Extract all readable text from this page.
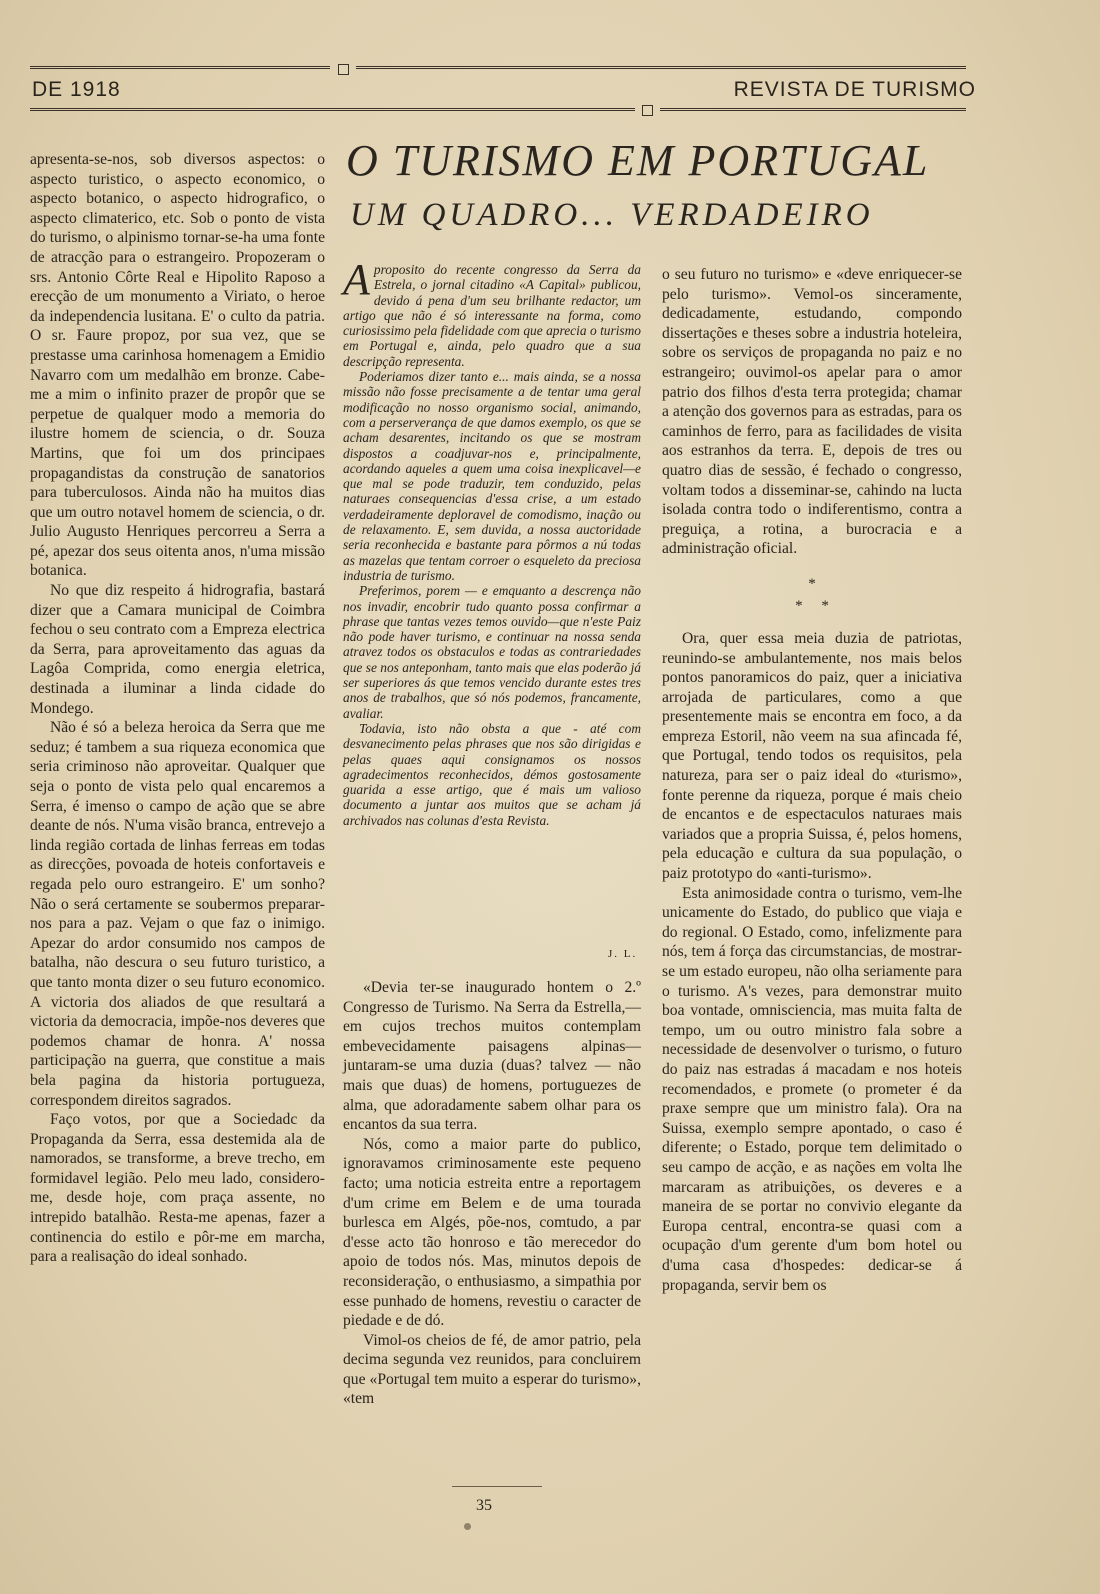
DE 1918	REVISTA DE TURISMO

apresenta-se-nos, sob diversos aspectos: o aspecto turistico, o aspecto economico, o aspecto botanico, o aspecto hidrografico, o aspecto climaterico, etc. Sob o ponto de vista do turismo, o alpinismo tornar-se-ha uma fonte de atracção para o estrangeiro. Propozeram o srs. Antonio Côrte Real e Hipolito Raposo a erecção de um monumento a Viriato, o heroe da independencia lusitana. E' o culto da patria. O sr. Faure propoz, por sua vez, que se prestasse uma carinhosa homenagem a Emidio Navarro com um medalhão em bronze. Cabe-me a mim o infinito prazer de propôr que se perpetue de qualquer modo a memoria do ilustre homem de sciencia, o dr. Souza Martins, que foi um dos principaes propagandistas da construção de sanatorios para tuberculosos. Ainda não ha muitos dias que um outro notavel homem de sciencia, o dr. Julio Augusto Henriques percorreu a Serra a pé, apezar dos seus oitenta anos, n'uma missão botanica.

No que diz respeito á hidrografia, bastará dizer que a Camara municipal de Coimbra fechou o seu contrato com a Empreza electrica da Serra, para aproveitamento das aguas da Lagôa Comprida, como energia eletrica, destinada a iluminar a linda cidade do Mondego.

Não é só a beleza heroica da Serra que me seduz; é tambem a sua riqueza economica que seria criminoso não aproveitar. Qualquer que seja o ponto de vista pelo qual encaremos a Serra, é imenso o campo de ação que se abre deante de nós. N'uma visão branca, entrevejo a linda região cortada de linhas ferreas em todas as direcções, povoada de hoteis confortaveis e regada pelo ouro estrangeiro. E' um sonho? Não o será certamente se soubermos preparar-nos para a paz. Vejam o que faz o inimigo. Apezar do ardor consumido nos campos de batalha, não descura o seu futuro turistico, a que tanto monta dizer o seu futuro economico. A victoria dos aliados de que resultará a victoria da democracia, impõe-nos deveres que podemos chamar de honra. A' nossa participação na guerra, que constitue a mais bela pagina da historia portugueza, correspondem direitos sagrados.

Faço votos, por que a Sociedadc da Propaganda da Serra, essa destemida ala de namorados, se transforme, a breve trecho, em formidavel legião. Pelo meu lado, considero-me, desde hoje, com praça assente, no intrepido batalhão. Resta-me apenas, fazer a continencia do estilo e pôr-me em marcha, para a realisação do ideal sonhado.

O TURISMO EM PORTUGAL
UM QUADRO... VERDADEIRO

Aproposito do recente congresso da Serra da Estrela, o jornal citadino «A Capital» publicou, devido á pena d'um seu brilhante redactor, um artigo que não é só interessante na forma, como curiosissimo pela fidelidade com que aprecia o turismo em Portugal e, ainda, pelo quadro que a sua descripção representa.

Poderiamos dizer tanto e... mais ainda, se a nossa missão não fosse precisamente a de tentar uma geral modificação no nosso organismo social, animando, com a perserverança de que damos exemplo, os que se acham desarentes, incitando os que se mostram dispostos a coadjuvar-nos e, principalmente, acordando aqueles a quem uma coisa inexplicavel—e que mal se pode traduzir, tem conduzido, pelas naturaes consequencias d'essa crise, a um estado verdadeiramente deploravel de comodismo, inação ou de relaxamento. E, sem duvida, a nossa auctoridade seria reconhecida e bastante para pôrmos a nú todas as mazelas que tentam corroer o esqueleto da preciosa industria de turismo.

Preferimos, porem — e emquanto a descrença não nos invadir, encobrir tudo quanto possa confirmar a phrase que tantas vezes temos ouvido—que n'este Paiz não pode haver turismo, e continuar na nossa senda atravez todos os obstaculos e todas as contrariedades que se nos anteponham, tanto mais que elas poderão já ser superiores ás que temos vencido durante estes tres anos de trabalhos, que só nós podemos, francamente, avaliar.

Todavia, isto não obsta a que - até com desvanecimento pelas phrases que nos são dirigidas e pelas quaes aqui consignamos os nossos agradecimentos reconhecidos, démos gostosamente guarida a esse artigo, que é mais um valioso documento a juntar aos muitos que se acham já archivados nas colunas d'esta Revista.

J. L.

«Devia ter-se inaugurado hontem o 2.º Congresso de Turismo. Na Serra da Estrella,—em cujos trechos muitos contemplam embevecidamente paisagens alpinas—juntaram-se uma duzia (duas? talvez — não mais que duas) de homens, portuguezes de alma, que adoradamente sabem olhar para os encantos da sua terra.

Nós, como a maior parte do publico, ignoravamos criminosamente este pequeno facto; uma noticia estreita entre a reportagem d'um crime em Belem e de uma tourada burlesca em Algés, põe-nos, comtudo, a par d'esse acto tão honroso e tão merecedor do apoio de todos nós. Mas, minutos depois de reconsideração, o enthusiasmo, a simpathia por esse punhado de homens, revestiu o caracter de piedade e de dó.

Vimol-os cheios de fé, de amor patrio, pela decima segunda vez reunidos, para concluirem que «Portugal tem muito a esperar do turismo», «tem

o seu futuro no turismo» e «deve enriquecer-se pelo turismo». Vemol-os sinceramente, dedicadamente, estudando, compondo dissertações e theses sobre a industria hoteleira, sobre os serviços de propaganda no paiz e no estrangeiro; ouvimol-os apelar para o amor patrio dos filhos d'esta terra protegida; chamar a atenção dos governos para as estradas, para os caminhos de ferro, para as facilidades de visita aos estranhos da terra. E, depois de tres ou quatro dias de sessão, é fechado o congresso, voltam todos a disseminar-se, cahindo na lucta isolada contra todo o indiferentismo, contra a preguiça, a rotina, a burocracia e a administração oficial.

*
*     *

Ora, quer essa meia duzia de patriotas, reunindo-se ambulantemente, nos mais belos pontos panoramicos do paiz, quer a iniciativa arrojada de particulares, como a que presentemente mais se encontra em foco, a da empreza Estoril, não veem na sua afincada fé, que Portugal, tendo todos os requisitos, pela natureza, para ser o paiz ideal do «turismo», fonte perenne da riqueza, porque é mais cheio de encantos e de espectaculos naturaes mais variados que a propria Suissa, é, pelos homens, pela educação e cultura da sua população, o paiz prototypo do «anti-turismo».

Esta animosidade contra o turismo, vem-lhe unicamente do Estado, do publico que viaja e do regional. O Estado, como, infelizmente para nós, tem á força das circumstancias, de mostrar-se um estado europeu, não olha seriamente para o turismo. A's vezes, para demonstrar muito boa vontade, omnisciencia, mas muita falta de tempo, um ou outro ministro fala sobre a necessidade de desenvolver o turismo, o futuro do paiz nas estradas á macadam e nos hoteis recomendados, e promete (o prometer é da praxe sempre que um ministro fala). Ora na Suissa, exemplo sempre apontado, o caso é diferente; o Estado, porque tem delimitado o seu campo de acção, e as nações em volta lhe marcaram as atribuições, os deveres e a maneira de se portar no convivio elegante da Europa central, encontra-se quasi com a ocupação d'um gerente d'um bom hotel ou d'uma casa d'hospedes: dedicar-se á propaganda, servir bem os

35
